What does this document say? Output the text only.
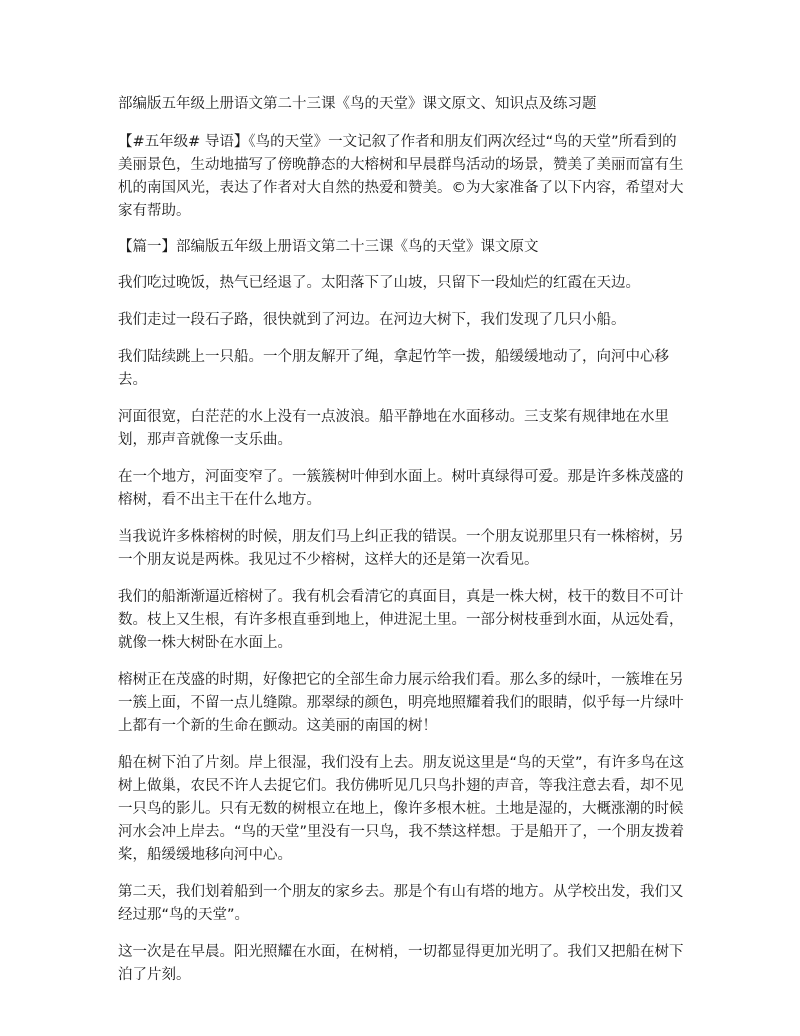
部编版五年级上册语文第二十三课《鸟的天堂》课文原文、知识点及练习题
【#五年级# 导语】《鸟的天堂》一文记叙了作者和朋友们两次经过“鸟的天堂”所看到的美丽景色，生动地描写了傍晚静态的大榕树和早晨群鸟活动的场景，赞美了美丽而富有生机的南国风光，表达了作者对大自然的热爱和赞美。©为大家准备了以下内容，希望对大家有帮助。
【篇一】部编版五年级上册语文第二十三课《鸟的天堂》课文原文

我们吃过晚饭，热气已经退了。太阳落下了山坡，只留下一段灿烂的红霞在天边。

我们走过一段石子路，很快就到了河边。在河边大树下，我们发现了几只小船。

我们陆续跳上一只船。一个朋友解开了绳，拿起竹竿一拨，船缓缓地动了，向河中心移去。

河面很宽，白茫茫的水上没有一点波浪。船平静地在水面移动。三支桨有规律地在水里划，那声音就像一支乐曲。

在一个地方，河面变窄了。一簇簇树叶伸到水面上。树叶真绿得可爱。那是许多株茂盛的榕树，看不出主干在什么地方。

当我说许多株榕树的时候，朋友们马上纠正我的错误。一个朋友说那里只有一株榕树，另一个朋友说是两株。我见过不少榕树，这样大的还是第一次看见。

我们的船渐渐逼近榕树了。我有机会看清它的真面目，真是一株大树，枝干的数目不可计数。枝上又生根，有许多根直垂到地上，伸进泥土里。一部分树枝垂到水面，从远处看，就像一株大树卧在水面上。

榕树正在茂盛的时期，好像把它的全部生命力展示给我们看。那么多的绿叶，一簇堆在另一簇上面，不留一点儿缝隙。那翠绿的颜色，明亮地照耀着我们的眼睛，似乎每一片绿叶上都有一个新的生命在颤动。这美丽的南国的树！

船在树下泊了片刻。岸上很湿，我们没有上去。朋友说这里是“鸟的天堂”，有许多鸟在这树上做巢，农民不许人去捉它们。我仿佛听见几只鸟扑翅的声音，等我注意去看，却不见一只鸟的影儿。只有无数的树根立在地上，像许多根木桩。土地是湿的，大概涨潮的时候河水会冲上岸去。“鸟的天堂”里没有一只鸟，我不禁这样想。于是船开了，一个朋友拨着桨，船缓缓地移向河中心。

第二天，我们划着船到一个朋友的家乡去。那是个有山有塔的地方。从学校出发，我们又经过那“鸟的天堂”。

这一次是在早晨。阳光照耀在水面，在树梢，一切都显得更加光明了。我们又把船在树下泊了片刻。
